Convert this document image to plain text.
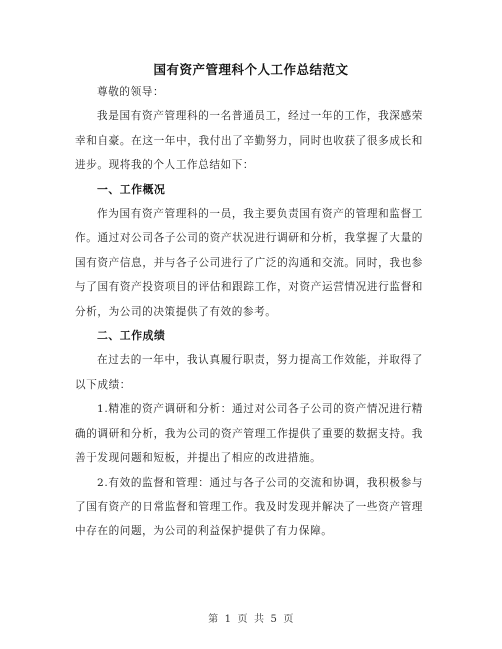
国有资产管理科个人工作总结范文

尊敬的领导：

我是国有资产管理科的一名普通员工，经过一年的工作，我深感荣幸和自豪。在这一年中，我付出了辛勤努力，同时也收获了很多成长和进步。现将我的个人工作总结如下：

一、工作概况

作为国有资产管理科的一员，我主要负责国有资产的管理和监督工作。通过对公司各子公司的资产状况进行调研和分析，我掌握了大量的国有资产信息，并与各子公司进行了广泛的沟通和交流。同时，我也参与了国有资产投资项目的评估和跟踪工作，对资产运营情况进行监督和分析，为公司的决策提供了有效的参考。

二、工作成绩

在过去的一年中，我认真履行职责，努力提高工作效能，并取得了以下成绩：

1.精准的资产调研和分析：通过对公司各子公司的资产情况进行精确的调研和分析，我为公司的资产管理工作提供了重要的数据支持。我善于发现问题和短板，并提出了相应的改进措施。

2.有效的监督和管理：通过与各子公司的交流和协调，我积极参与了国有资产的日常监督和管理工作。我及时发现并解决了一些资产管理中存在的问题，为公司的利益保护提供了有力保障。

第 1 页 共 5 页
